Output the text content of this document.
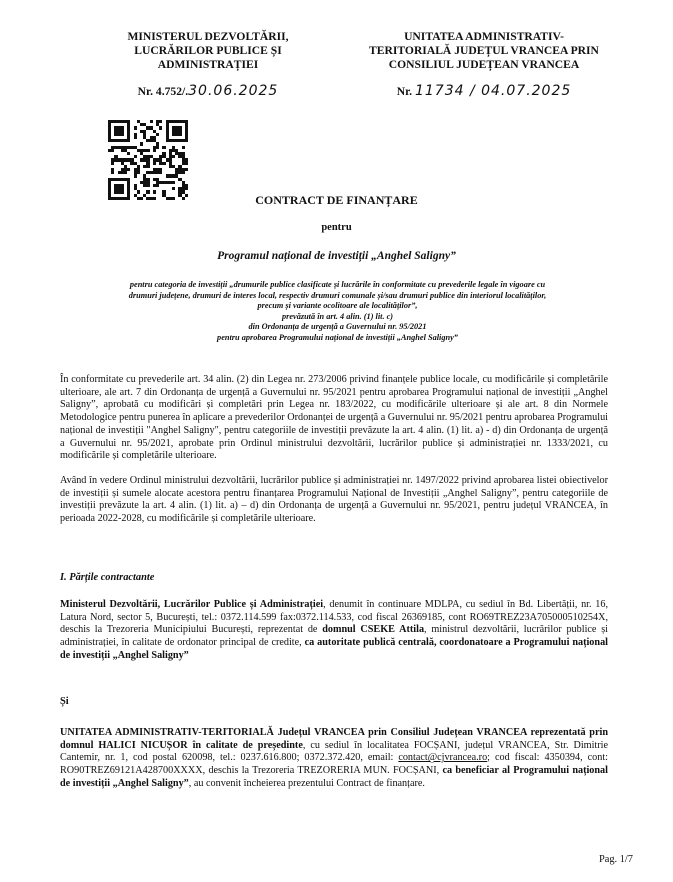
MINISTERUL DEZVOLTĂRII,
LUCRĂRILOR PUBLICE ȘI
ADMINISTRAȚIEI
Nr. 4.752/.30.06.2025
UNITATEA ADMINISTRATIV-
TERITORIALĂ JUDEȚUL VRANCEA PRIN
CONSILIUL JUDEȚEAN VRANCEA
Nr. 11734 / 04.07.2025
CONTRACT DE FINANȚARE
pentru
Programul național de investiții „Anghel Saligny”
pentru categoria de investiții „drumurile publice clasificate și lucrările în conformitate cu prevederile legale în vigoare cu
drumuri județene, drumuri de interes local, respectiv drumuri comunale și/sau drumuri publice din interiorul localităților,
precum și variante ocolitoare ale localităților”,
prevăzută în art. 4 alin. (1) lit. c)
din Ordonanța de urgență a Guvernului nr. 95/2021
pentru aprobarea Programului național de investiții „Anghel Saligny”
În conformitate cu prevederile art. 34 alin. (2) din Legea nr. 273/2006 privind finanțele publice locale, cu modificările și completările ulterioare, ale art. 7 din Ordonanța de urgență a Guvernului nr. 95/2021 pentru aprobarea Programului național de investiții „Anghel Saligny”, aprobată cu modificări și completări prin Legea nr. 183/2022, cu modificările ulterioare și ale art. 8 din Normele Metodologice pentru punerea în aplicare a prevederilor Ordonanței de urgență a Guvernului nr. 95/2021 pentru aprobarea Programului național de investiții "Anghel Saligny", pentru categoriile de investiții prevăzute la art. 4 alin. (1) lit. a) - d) din Ordonanța de urgență a Guvernului nr. 95/2021, aprobate prin Ordinul ministrului dezvoltării, lucrărilor publice și administrației nr. 1333/2021, cu modificările și completările ulterioare.
Având în vedere Ordinul ministrului dezvoltării, lucrărilor publice și administrației nr. 1497/2022 privind aprobarea listei obiectivelor de investiții și sumele alocate acestora pentru finanțarea Programului Național de Investiții „Anghel Saligny”, pentru categoriile de investiții prevăzute la art. 4 alin. (1) lit. a) – d) din Ordonanța de urgență a Guvernului nr. 95/2021, pentru județul VRANCEA, în perioada 2022-2028, cu modificările și completările ulterioare.
I. Părțile contractante
Ministerul Dezvoltării, Lucrărilor Publice și Administrației, denumit în continuare MDLPA, cu sediul în Bd. Libertății, nr. 16, Latura Nord, sector 5, București, tel.: 0372.114.599 fax:0372.114.533, cod fiscal 26369185, cont RO69TREZ23A705000510254X, deschis la Trezoreria Municipiului București, reprezentat de domnul CSEKE Attila, ministrul dezvoltării, lucrărilor publice și administrației, în calitate de ordonator principal de credite, ca autoritate publică centrală, coordonatoare a Programului național de investiții „Anghel Saligny”
Și
UNITATEA ADMINISTRATIV-TERITORIALĂ Județul VRANCEA prin Consiliul Județean VRANCEA reprezentată prin domnul HALICI NICUȘOR în calitate de președinte, cu sediul în localitatea FOCȘANI, județul VRANCEA, Str. Dimitrie Cantemir, nr. 1, cod postal 620098, tel.: 0237.616.800; 0372.372.420, email: contact@cjvrancea.ro; cod fiscal: 4350394, cont: RO90TREZ69121A428700XXXX, deschis la Trezoreria TREZORERIA MUN. FOCȘANI, ca beneficiar al Programului național de investiții „Anghel Saligny”, au convenit încheierea prezentului Contract de finanțare.
Pag. 1/7
